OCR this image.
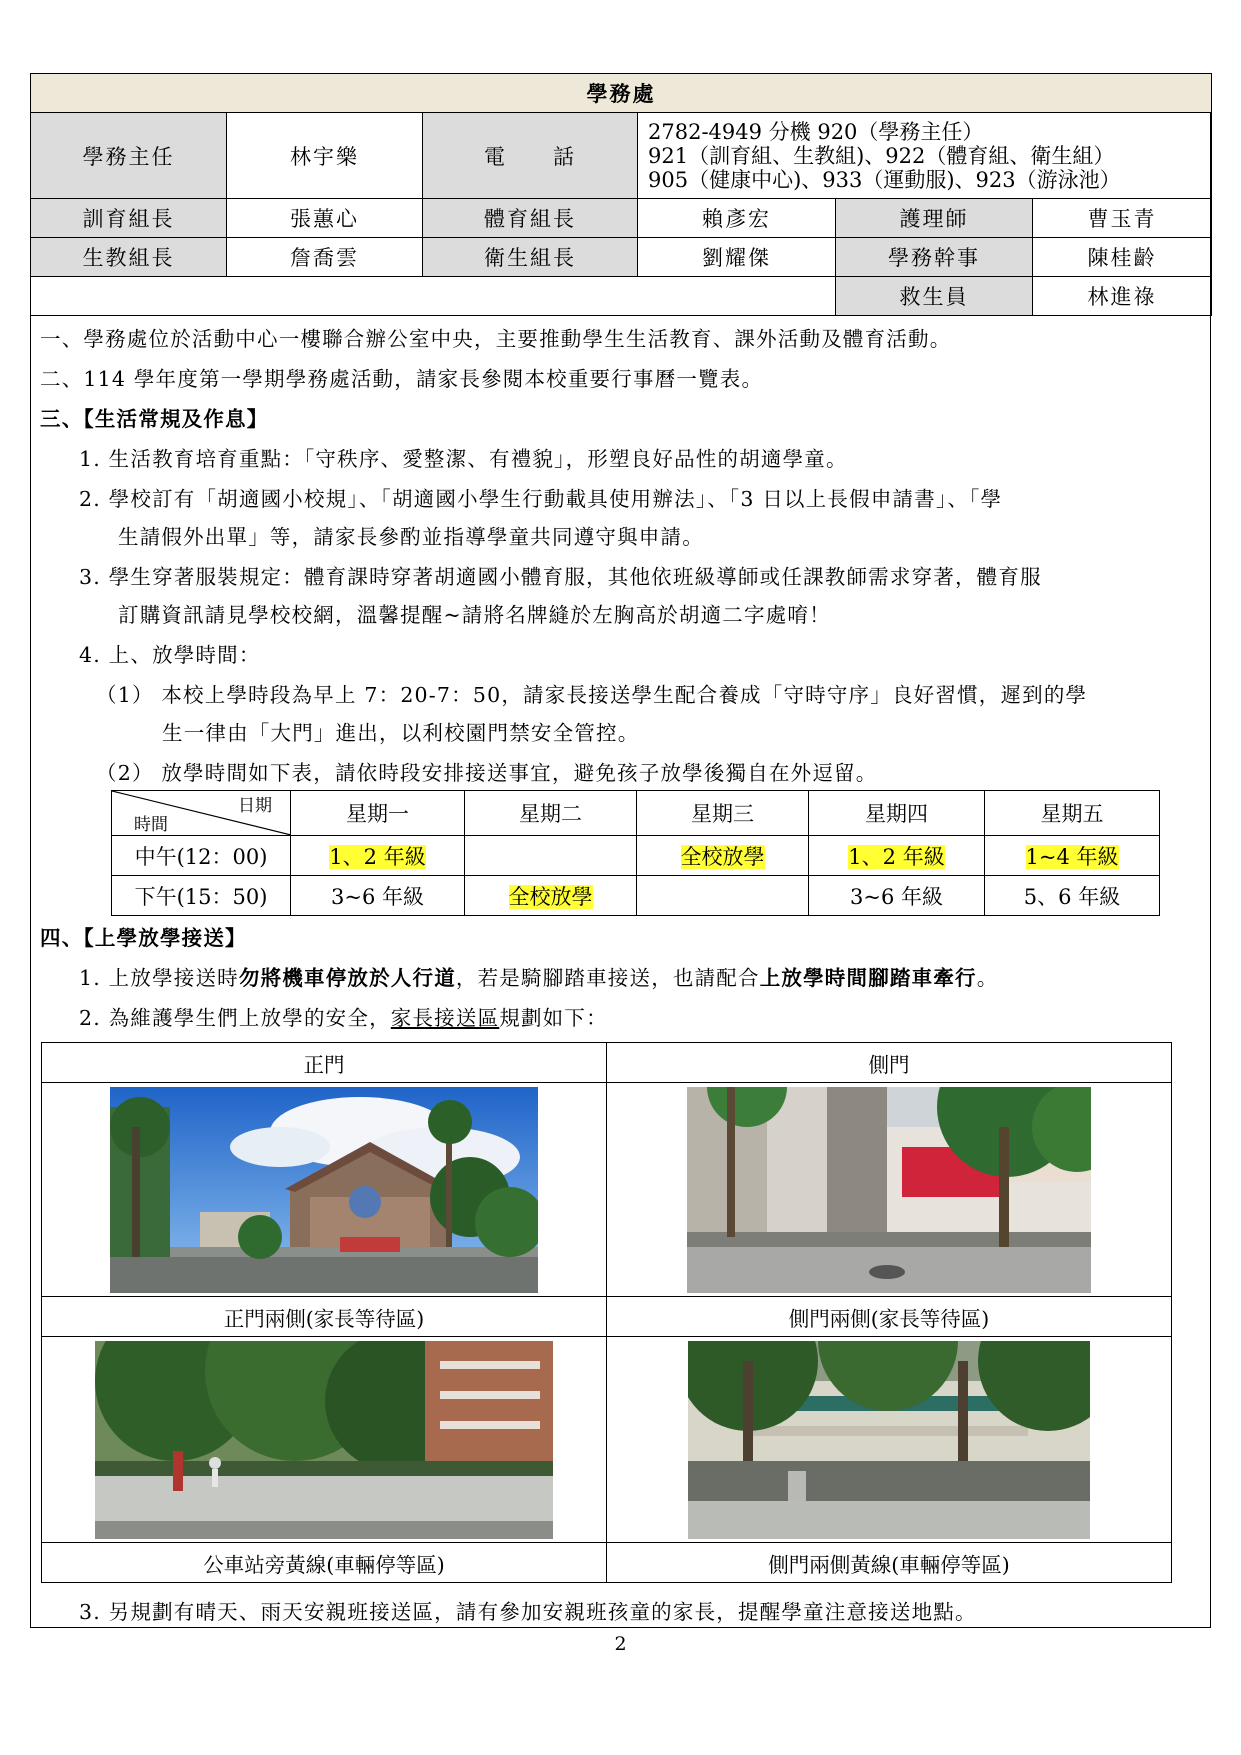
學務處					
學務主任	林宇樂	電　　話	2782-4949 分機 920（學務主任）
921（訓育組、生教組)、922（體育組、衛生組）
905（健康中心)、933（運動服)、923（游泳池）		

訓育組長	張蕙心	體育組長	賴彥宏	護理師	曹玉青
生教組長	詹喬雲	衛生組長	劉耀傑	學務幹事	陳桂齡
				救生員	林進祿
一、學務處位於活動中心一樓聯合辦公室中央，主要推動學生生活教育、課外活動及體育活動。
二、114 學年度第一學期學務處活動，請家長參閱本校重要行事曆一覽表。
三、【生活常規及作息】
1. 生活教育培育重點：「守秩序、愛整潔、有禮貌」，形塑良好品性的胡適學童。
2. 學校訂有「胡適國小校規」、「胡適國小學生行動載具使用辦法」、「3 日以上長假申請書」、「學
生請假外出單」等，請家長參酌並指導學童共同遵守與申請。
3. 學生穿著服裝規定：體育課時穿著胡適國小體育服，其他依班級導師或任課教師需求穿著，體育服
訂購資訊請見學校校網，溫馨提醒~請將名牌縫於左胸高於胡適二字處唷！
4. 上、放學時間：
（1） 本校上學時段為早上 7：20-7：50，請家長接送學生配合養成「守時守序」良好習慣，遲到的學
生一律由「大門」進出，以利校園門禁安全管控。
（2） 放學時間如下表，請依時段安排接送事宜，避免孩子放學後獨自在外逗留。
日期
時間	星期一	星期二	星期三	星期四	星期五
中午(12：00)	1、2 年級		全校放學	1、2 年級	1~4 年級
下午(15：50)	3~6 年級	全校放學		3~6 年級	5、6 年級
四、【上學放學接送】
1. 上放學接送時勿將機車停放於人行道，若是騎腳踏車接送，也請配合上放學時間腳踏車牽行。
2. 為維護學生們上放學的安全，家長接送區規劃如下：
正門	側門

正門兩側(家長等待區)	側門兩側(家長等待區)

公車站旁黃線(車輛停等區)	側門兩側黃線(車輛停等區)
3. 另規劃有晴天、雨天安親班接送區，請有參加安親班孩童的家長，提醒學童注意接送地點。
2
